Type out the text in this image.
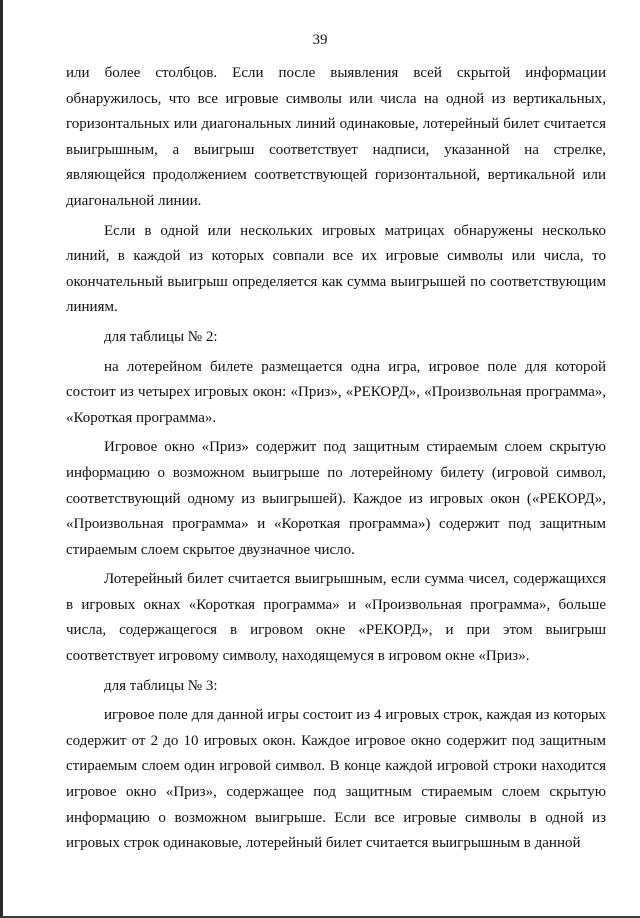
39

или более столбцов. Если после выявления всей скрытой информации обнаружилось, что все игровые символы или числа на одной из вертикальных, горизонтальных или диагональных линий одинаковые, лотерейный билет считается выигрышным, а выигрыш соответствует надписи, указанной на стрелке, являющейся продолжением соответствующей горизонтальной, вертикальной или диагональной линии.

Если в одной или нескольких игровых матрицах обнаружены несколько линий, в каждой из которых совпали все их игровые символы или числа, то окончательный выигрыш определяется как сумма выигрышей по соответствующим линиям.

для таблицы № 2:

на лотерейном билете размещается одна игра, игровое поле для которой состоит из четырех игровых окон: «Приз», «РЕКОРД», «Произвольная программа», «Короткая программа».

Игровое окно «Приз» содержит под защитным стираемым слоем скрытую информацию о возможном выигрыше по лотерейному билету (игровой символ, соответствующий одному из выигрышей). Каждое из игровых окон («РЕКОРД», «Произвольная программа» и «Короткая программа») содержит под защитным стираемым слоем скрытое двузначное число.

Лотерейный билет считается выигрышным, если сумма чисел, содержащихся в игровых окнах «Короткая программа» и «Произвольная программа», больше числа, содержащегося в игровом окне «РЕКОРД», и при этом выигрыш соответствует игровому символу, находящемуся в игровом окне «Приз».

для таблицы № 3:

игровое поле для данной игры состоит из 4 игровых строк, каждая из которых содержит от 2 до 10 игровых окон. Каждое игровое окно содержит под защитным стираемым слоем один игровой символ. В конце каждой игровой строки находится игровое окно «Приз», содержащее под защитным стираемым слоем скрытую информацию о возможном выигрыше. Если все игровые символы в одной из игровых строк одинаковые, лотерейный билет считается выигрышным в данной
